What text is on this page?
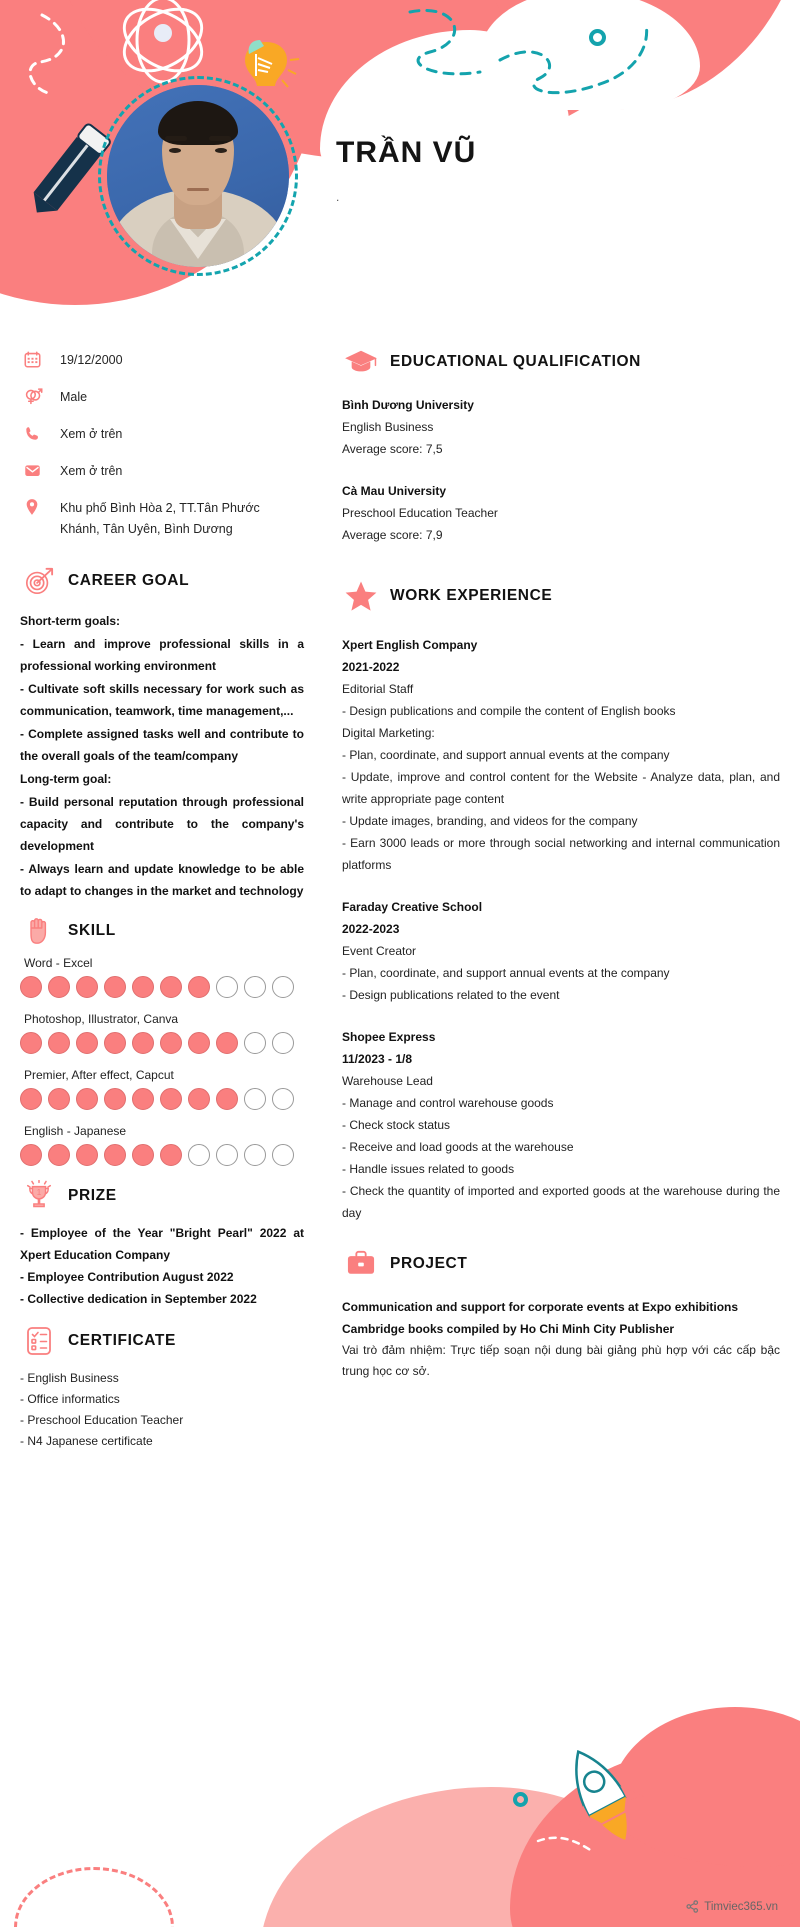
TRẦN VŨ
.
19/12/2000
Male
Xem ở trên
Xem ở trên
Khu phố Bình Hòa 2, TT.Tân Phước Khánh, Tân Uyên, Bình Dương
CAREER GOAL

Short-term goals:

- Learn and improve professional skills in a professional working environment

- Cultivate soft skills necessary for work such as communication, teamwork, time management,...

- Complete assigned tasks well and contribute to the overall goals of the team/company

Long-term goal:

- Build personal reputation through professional capacity and contribute to the company's development

- Always learn and update knowledge to be able to adapt to changes in the market and technology

SKILL
Word - Excel
Photoshop, Illustrator, Canva
Premier, After effect, Capcut
English - Japanese
1 PRIZE

- Employee of the Year "Bright Pearl" 2022 at Xpert Education Company

- Employee Contribution August 2022

- Collective dedication in September 2022

CERTIFICATE

- English Business

- Office informatics

- Preschool Education Teacher

- N4 Japanese certificate

EDUCATIONAL QUALIFICATION

Bình Dương University

English Business

Average score: 7,5

Cà Mau University

Preschool Education Teacher

Average score: 7,9

WORK EXPERIENCE

Xpert English Company

2021-2022

Editorial Staff

- Design publications and compile the content of English books

Digital Marketing:

- Plan, coordinate, and support annual events at the company

- Update, improve and control content for the Website - Analyze data, plan, and write appropriate page content

- Update images, branding, and videos for the company

- Earn 3000 leads or more through social networking and internal communication platforms

Faraday Creative School

2022-2023

Event Creator

- Plan, coordinate, and support annual events at the company

- Design publications related to the event

Shopee Express

11/2023 - 1/8

Warehouse Lead

- Manage and control warehouse goods

- Check stock status

- Receive and load goods at the warehouse

- Handle issues related to goods

- Check the quantity of imported and exported goods at the warehouse during the day

PROJECT

Communication and support for corporate events at Expo exhibitions

Cambridge books compiled by Ho Chi Minh City Publisher

Vai trò đảm nhiệm: Trực tiếp soạn nội dung bài giảng phù hợp với các cấp bậc trung học cơ sở.

Timviec365.vn
